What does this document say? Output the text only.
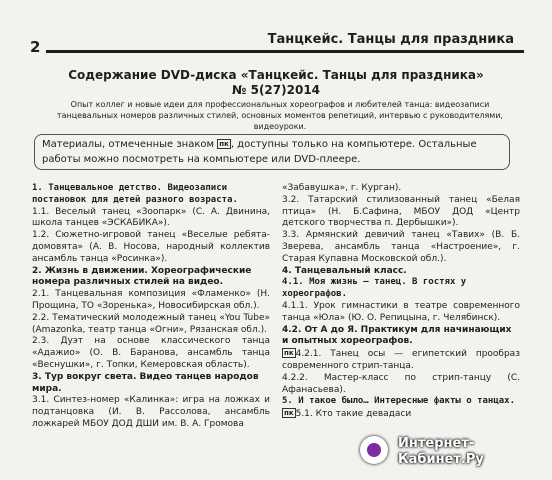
2	Танцкейс. Танцы для праздника
Содержание DVD-диска «Танцкейс. Танцы для праздника»
№ 5(27)2014
Опыт коллег и новые идеи для профессиональных хореографов и любителей танца: видеозаписи танцевальных номеров различных стилей, основных моментов репетиций, интервью с руководителями, видеоуроки.
Материалы, отмеченные знаком пк , доступны только на компьютере. Остальные работы можно посмотреть на компьютере или DVD-плеере.

1. Танцевальное детство. Видеозаписи постановок для детей разного возраста.

1.1. Веселый танец «Зоопарк» (С. А. Двинина, школа танцев «ЭСКАБИКА»).

1.2. Сюжетно-игровой танец «Веселые ребята-домовята» (А. В. Носова, народный коллектив ансамбль танца «Росинка»).

2. Жизнь в движении. Хореографические номера различных стилей на видео.

2.1. Танцевальная композиция «Фламенко» (Н. Прощина, ТО «Зоренька», Новосибирская обл.).

2.2. Тематический молодежный танец «You Tube» (Amazonka, театр танца «Огни», Рязанская обл.).

2.3. Дуэт на основе классического танца «Адажио» (О. В. Баранова, ансамбль танца «Веснушки», г. Топки, Кемеровская область).

3. Тур вокруг света. Видео танцев народов мира.

3.1. Синтез-номер «Калинка»: игра на ложках и подтанцовка (И. В. Рассолова, ансамбль ложкарей МБОУ ДОД ДШИ им. В. А. Громова

«Забавушка», г. Курган).

3.2. Татарский стилизованный танец «Белая птица» (Н. Б.Сафина, МБОУ ДОД «Центр детского творчества п. Дербышки»).

3.3. Армянский девичий танец «Тавих» (В. Б. Зверева, ансамбль танца «Настроение», г. Старая Купавна Московской обл.).

4. Танцевальный класс.

4.1. Моя жизнь — танец. В гостях у хореографов.

4.1.1. Урок гимнастики в театре современного танца «Юла» (Ю. О. Репицына, г. Челябинск).

4.2. От А до Я. Практикум для начинающих и опытных хореографов.

пк 4.2.1. Танец осы — египетский прообраз современного стрип-танца.

4.2.2. Мастер-класс по стрип-танцу (С. Афанасьева).

5. И такое было… Интересные факты о танцах.

пк 5.1. Кто такие девадаси

Интернет-
Кабинет.Ру
